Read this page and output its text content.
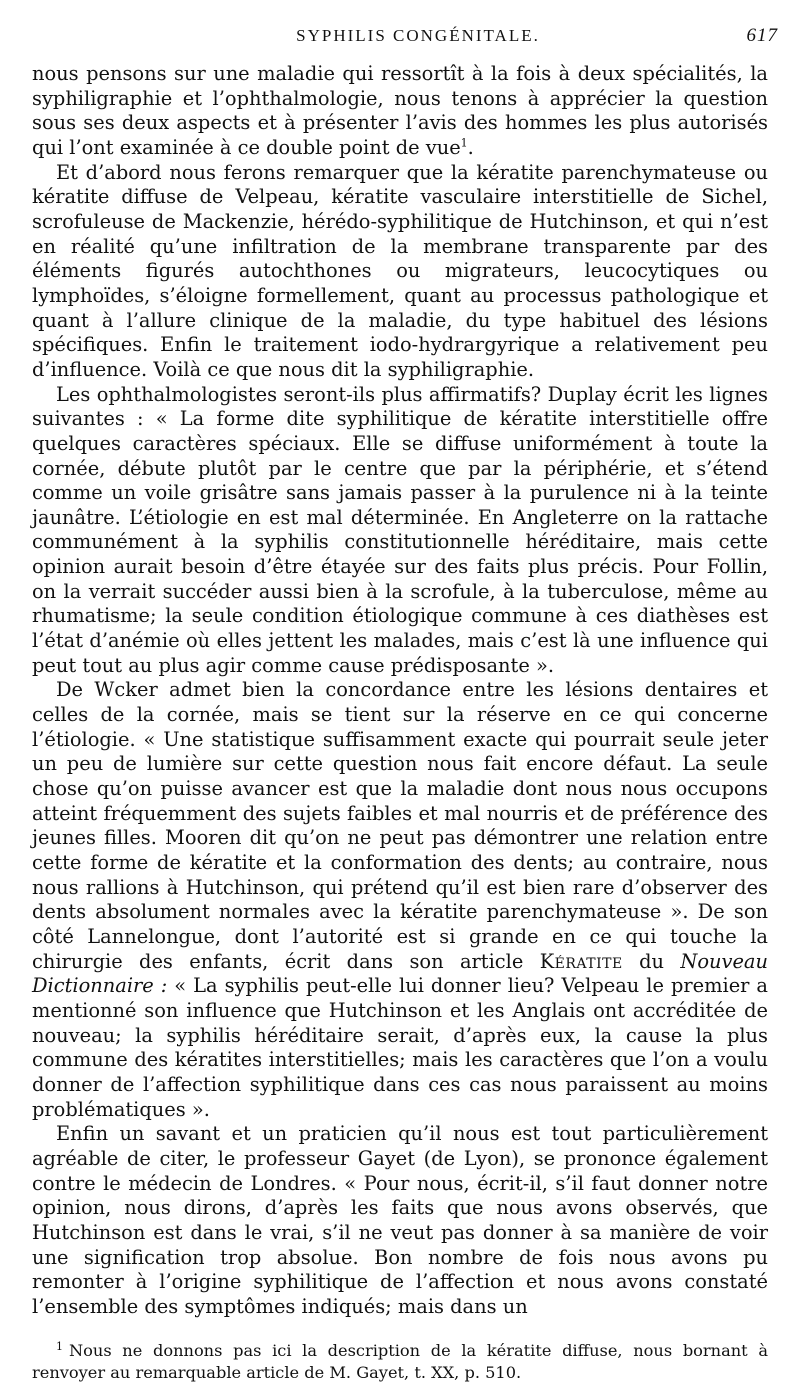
SYPHILIS CONGÉNITALE.	617

nous pensons sur une maladie qui ressortît à la fois à deux spécialités, la syphiligraphie et l’ophthalmologie, nous tenons à apprécier la question sous ses deux aspects et à présenter l’avis des hommes les plus autorisés qui l’ont examinée à ce double point de vue$^1$.

Et d’abord nous ferons remarquer que la kératite parenchymateuse ou kératite diffuse de Velpeau, kératite vasculaire interstitielle de Sichel, scrofuleuse de Mackenzie, hérédo-syphilitique de Hutchinson, et qui n’est en réalité qu’une infiltration de la membrane transparente par des éléments figurés autochthones ou migrateurs, leucocytiques ou lymphoïdes, s’éloigne formellement, quant au processus pathologique et quant à l’allure clinique de la maladie, du type habituel des lésions spécifiques. Enfin le traitement iodo-hydrargyrique a relativement peu d’influence. Voilà ce que nous dit la syphiligraphie.

Les ophthalmologistes seront-ils plus affirmatifs? Duplay écrit les lignes suivantes : « La forme dite syphilitique de kératite interstitielle offre quelques caractères spéciaux. Elle se diffuse uniformément à toute la cornée, débute plutôt par le centre que par la périphérie, et s’étend comme un voile grisâtre sans jamais passer à la purulence ni à la teinte jaunâtre. L’étiologie en est mal déterminée. En Angleterre on la rattache communément à la syphilis constitutionnelle héréditaire, mais cette opinion aurait besoin d’être étayée sur des faits plus précis. Pour Follin, on la verrait succéder aussi bien à la scrofule, à la tuberculose, même au rhumatisme; la seule condition étiologique commune à ces diathèses est l’état d’anémie où elles jettent les malades, mais c’est là une influence qui peut tout au plus agir comme cause prédisposante ».

De Wcker admet bien la concordance entre les lésions dentaires et celles de la cornée, mais se tient sur la réserve en ce qui concerne l’étiologie. « Une statistique suffisamment exacte qui pourrait seule jeter un peu de lumière sur cette question nous fait encore défaut. La seule chose qu’on puisse avancer est que la maladie dont nous nous occupons atteint fréquemment des sujets faibles et mal nourris et de préférence des jeunes filles. Mooren dit qu’on ne peut pas démontrer une relation entre cette forme de kératite et la conformation des dents; au contraire, nous nous rallions à Hutchinson, qui prétend qu’il est bien rare d’observer des dents absolument normales avec la kératite parenchymateuse ». De son côté Lannelongue, dont l’autorité est si grande en ce qui touche la chirurgie des enfants, écrit dans son article Kératite du Nouveau Dictionnaire : « La syphilis peut-elle lui donner lieu? Velpeau le premier a mentionné son influence que Hutchinson et les Anglais ont accréditée de nouveau; la syphilis héréditaire serait, d’après eux, la cause la plus commune des kératites interstitielles; mais les caractères que l’on a voulu donner de l’affection syphilitique dans ces cas nous paraissent au moins problématiques ».

Enfin un savant et un praticien qu’il nous est tout particulièrement agréable de citer, le professeur Gayet (de Lyon), se prononce également contre le médecin de Londres. « Pour nous, écrit-il, s’il faut donner notre opinion, nous dirons, d’après les faits que nous avons observés, que Hutchinson est dans le vrai, s’il ne veut pas donner à sa manière de voir une signification trop absolue. Bon nombre de fois nous avons pu remonter à l’origine syphilitique de l’affection et nous avons constaté l’ensemble des symptômes indiqués; mais dans un

$^1$ Nous ne donnons pas ici la description de la kératite diffuse, nous bornant à renvoyer au remarquable article de M. Gayet, t. XX, p. 510.
